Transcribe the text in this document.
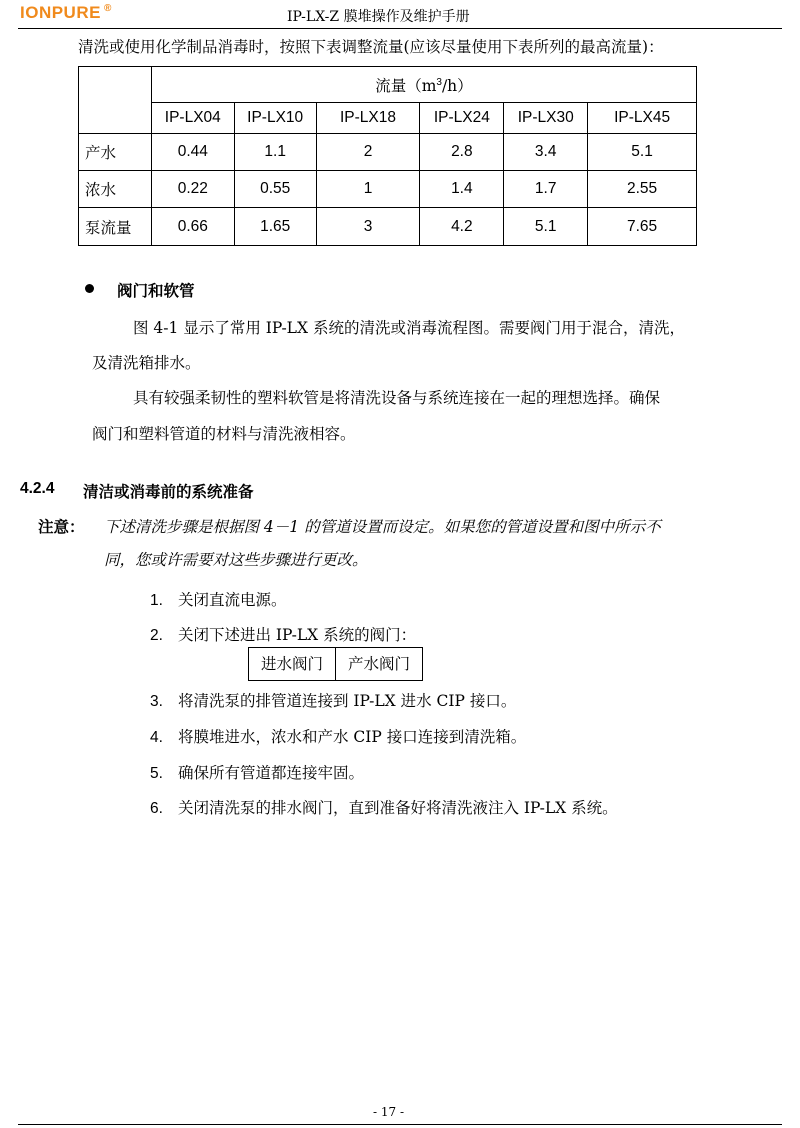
IONPURE ®
IP-LX-Z 膜堆操作及维护手册

清洗或使用化学制品消毒时，按照下表调整流量(应该尽量使用下表所列的最高流量)：

	流量$(m^3/h)$					
	IP-LX04	IP-LX10	IP-LX18	IP-LX24	IP-LX30	IP-LX45
产水	0.44	1.1	2	2.8	3.4	5.1
浓水	0.22	0.55	1	1.4	1.7	2.55
泵流量	0.66	1.65	3	4.2	5.1	7.65

阀门和软管

图 4-1 显示了常用 IP-LX 系统的清洗或消毒流程图。需要阀门用于混合，清洗，

及清洗箱排水。

具有较强柔韧性的塑料软管是将清洗设备与系统连接在一起的理想选择。确保

阀门和塑料管道的材料与清洗液相容。

4.2.4 清洁或消毒前的系统准备

注意： 下述清洗步骤是根据图 4－1 的管道设置而设定。如果您的管道设置和图中所示不

同，您或许需要对这些步骤进行更改。

1. 关闭直流电源。
2. 关闭下述进出 IP-LX 系统的阀门：
进水阀门	产水阀门
3. 将清洗泵的排管道连接到 IP-LX 进水 CIP 接口。
4. 将膜堆进水，浓水和产水 CIP 接口连接到清洗箱。
5. 确保所有管道都连接牢固。
6. 关闭清洗泵的排水阀门，直到准备好将清洗液注入 IP-LX 系统。

- 17 -
